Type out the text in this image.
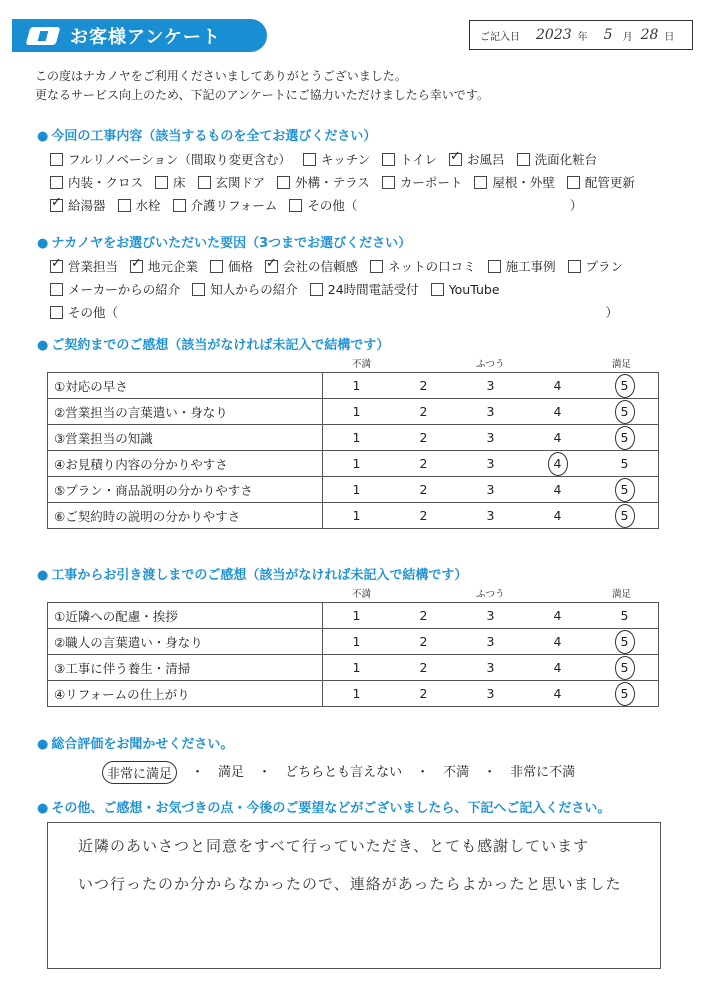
お客様アンケート	ご記入日 2023 年 5 月 28 日
この度はナカノヤをご利用くださいましてありがとうございました。
更なるサービス向上のため、下記のアンケートにご協力いただけましたら幸いです。
● 今回の工事内容（該当するものを全てお選びください）
フルリノベーション（間取り変更含む） キッチン トイレ ✓ お風呂 洗面化粧台
内装・クロス 床 玄関ドア 外構・テラス カーポート 屋根・外壁 配管更新
✓
給湯器 水栓 介護リフォーム その他（　　　　　　　　　　　　　　　　　）
● ナカノヤをお選びいただいた要因（3つまでお選びください）
✓
営業担当 ✓ 地元企業 価格 ✓ 会社の信頼感 ネットの口コミ 施工事例 プラン
メーカーからの紹介 知人からの紹介 24時間電話受付 YouTube
その他（　　　　　　　　　　　　　　　　　　　　　　　　　　　　　　　　　　　　　　　）
● ご契約までのご感想（該当がなければ未記入で結構です）
不満	ふつう	満足
①対応の早さ	1	2	3	4	5
②営業担当の言葉遣い・身なり	1	2	3	4	5
③営業担当の知識	1	2	3	4	5
④お見積り内容の分かりやすさ	1	2	3	4	5
⑤プラン・商品説明の分かりやすさ	1	2	3	4	5
⑥ご契約時の説明の分かりやすさ	1	2	3	4	5
● 工事からお引き渡しまでのご感想（該当がなければ未記入で結構です）
不満	ふつう	満足
①近隣への配慮・挨拶	1	2	3	4	5
②職人の言葉遣い・身なり	1	2	3	4	5
③工事に伴う養生・清掃	1	2	3	4	5
④リフォームの仕上がり	1	2	3	4	5
● 総合評価をお聞かせください。
非常に満足	・ 満足 ・ どちらとも言えない ・ 不満 ・ 非常に不満
● その他、ご感想・お気づきの点・今後のご要望などがございましたら、下記へご記入ください。
近隣のあいさつと同意をすべて行っていただき、とても感謝しています
いつ行ったのか分からなかったので、連絡があったらよかったと思いました
